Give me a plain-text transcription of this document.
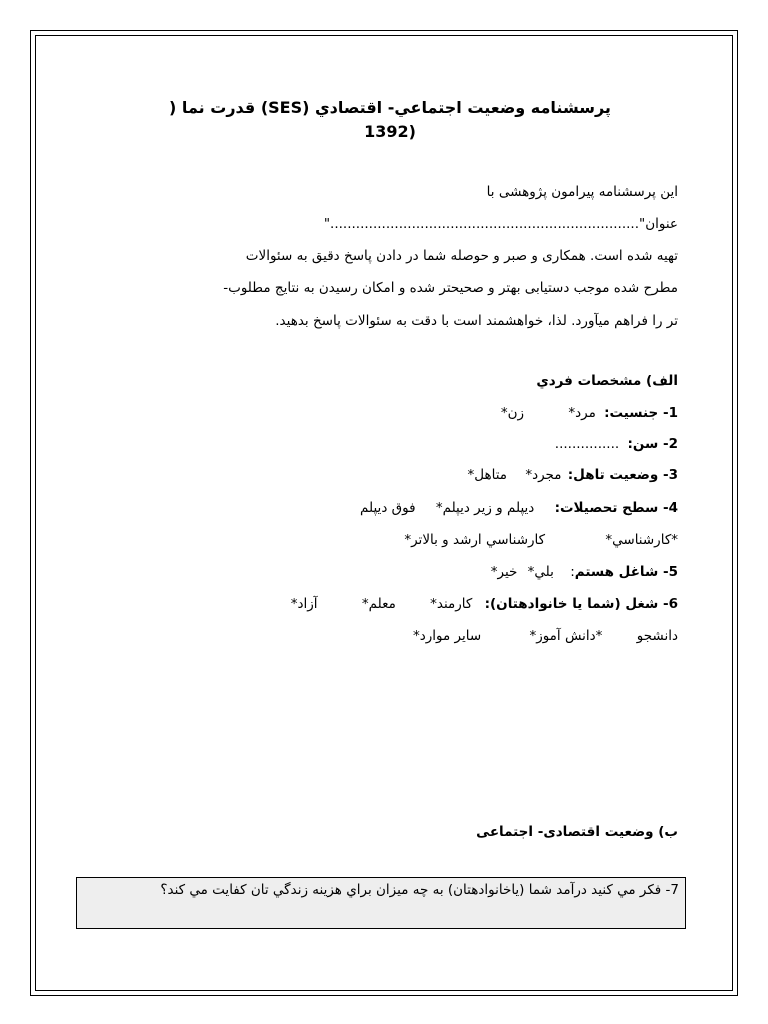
پرسشنامه وضعيت اجتماعي- اقتصادي (SES) قدرت نما (
(1392
این پرسشنامه پیرامون پژوهشی با
عنوان"........................................................................"
تهیه شده است. همکاری و صبر و حوصله شما در دادن پاسخ دقیق به سئوالات
مطرح شده موجب دستیابی بهتر و صحیحتر شده و امکان رسیدن به نتایج مطلوب-
تر را فراهم میآورد. لذا، خواهشمند است با دقت به سئوالات پاسخ بدهید.
الف) مشخصات فردي
1- جنسيت: مرد* زن*
2- سن: ...............
3- وضعيت تاهل: مجرد* متاهل*
4- سطح تحصيلات: ديپلم و زير ديپلم* فوق ديپلم
*كارشناسي* كارشناسي ارشد و بالاتر*
5- شاغل هستم: بلي* خير*
6- شغل (شما يا خانوادهتان): كارمند* معلم* آزاد*
دانشجو *دانش آموز* ساير موارد*
ب) وضعيت اقتصادی- اجتماعی
7- فكر مي كنيد درآمد شما (ياخانوادهتان) به چه ميزان براي هزينه زندگي تان كفايت مي كند؟
